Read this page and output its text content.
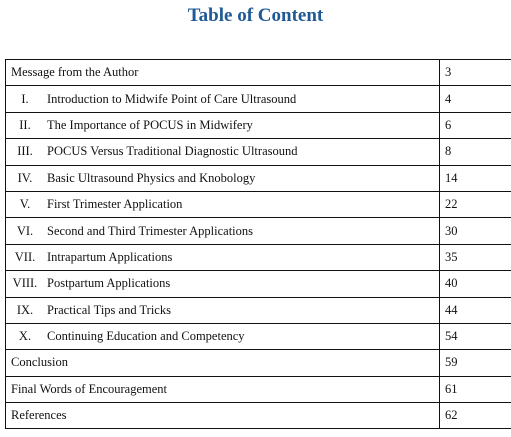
Table of Content
Message from the Author	3
I. Introduction to Midwife Point of Care Ultrasound	4
II. The Importance of POCUS in Midwifery	6
III. POCUS Versus Traditional Diagnostic Ultrasound	8
IV. Basic Ultrasound Physics and Knobology	14
V. First Trimester Application	22
VI. Second and Third Trimester Applications	30
VII. Intrapartum Applications	35
VIII. Postpartum Applications	40
IX. Practical Tips and Tricks	44
X. Continuing Education and Competency	54
Conclusion	59
Final Words of Encouragement	61
References	62
